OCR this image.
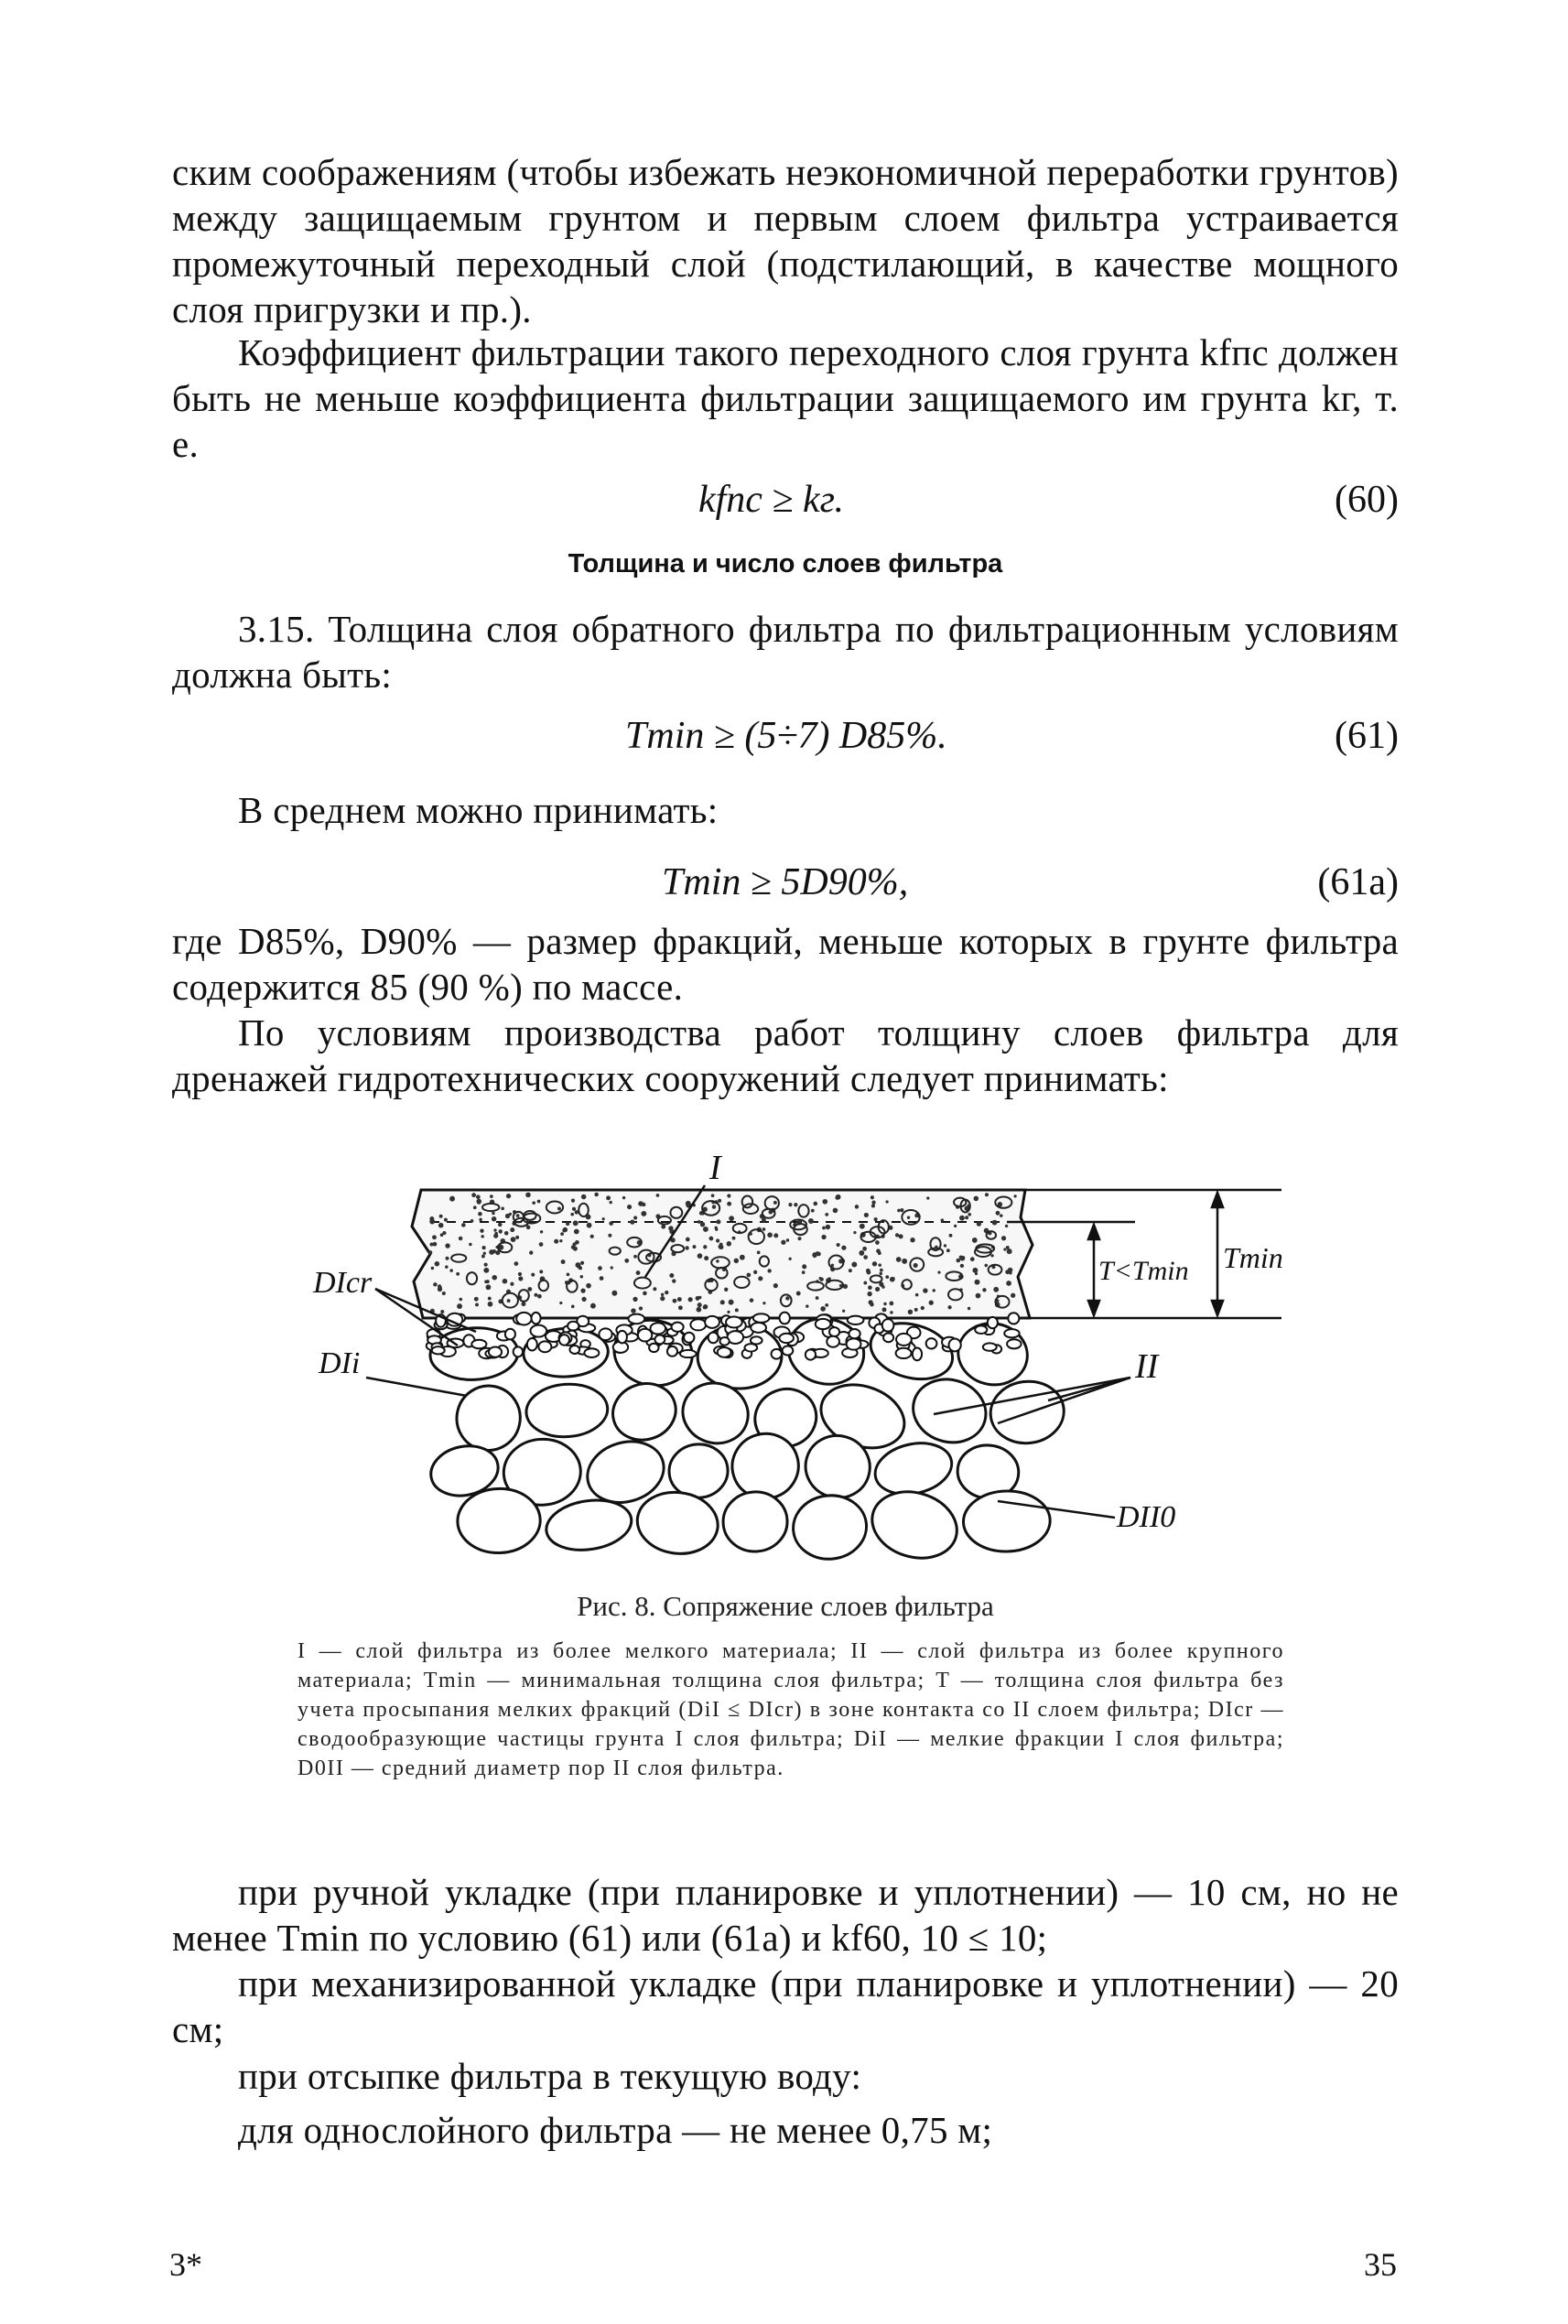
ским соображениям (чтобы избежать неэкономичной переработки грунтов) между защищаемым грунтом и первым слоем фильтра устраивается промежуточный переходный слой (подстилающий, в качестве мощного слоя пригрузки и пр.).

Коэффициент фильтрации такого переходного слоя грунта kfпс должен быть не меньше коэффициента фильтрации защищаемого им грунта kг, т. е.

kfпс ≥ kг.	(60)
Толщина и число слоев фильтра

3.15. Толщина слоя обратного фильтра по фильтрационным условиям должна быть:

Tmin ≥ (5÷7) D85%.	(61)

В среднем можно принимать:

Tmin ≥ 5D90%,	(61а)

где D85%, D90% — размер фракций, меньше которых в грунте фильтра содержится 85 (90 %) по массе.

По условиям производства работ толщину слоев фильтра для дренажей гидротехнических сооружений следует принимать:

I
II
DIcr
DIi
DII0
T<Tmin Tmin
Рис. 8. Сопряжение слоев фильтра

I — слой фильтра из более мелкого материала; II — слой фильтра из более крупного материала; Tmin — минимальная толщина слоя фильтра; T — толщина слоя фильтра без учета просыпания мелких фракций (DiI ≤ DIcr) в зоне контакта со II слоем фильтра; DIcr — сводообразующие частицы грунта I слоя фильтра; DiI — мелкие фракции I слоя фильтра; D0II — средний диаметр пор II слоя фильтра.

при ручной укладке (при планировке и уплотнении) — 10 см, но не менее Tmin по условию (61) или (61а) и kf60, 10 ≤ 10;

при механизированной укладке (при планировке и уплотнении) — 20 см;

при отсыпке фильтра в текущую воду:

для однослойного фильтра — не менее 0,75 м;

3*	35
